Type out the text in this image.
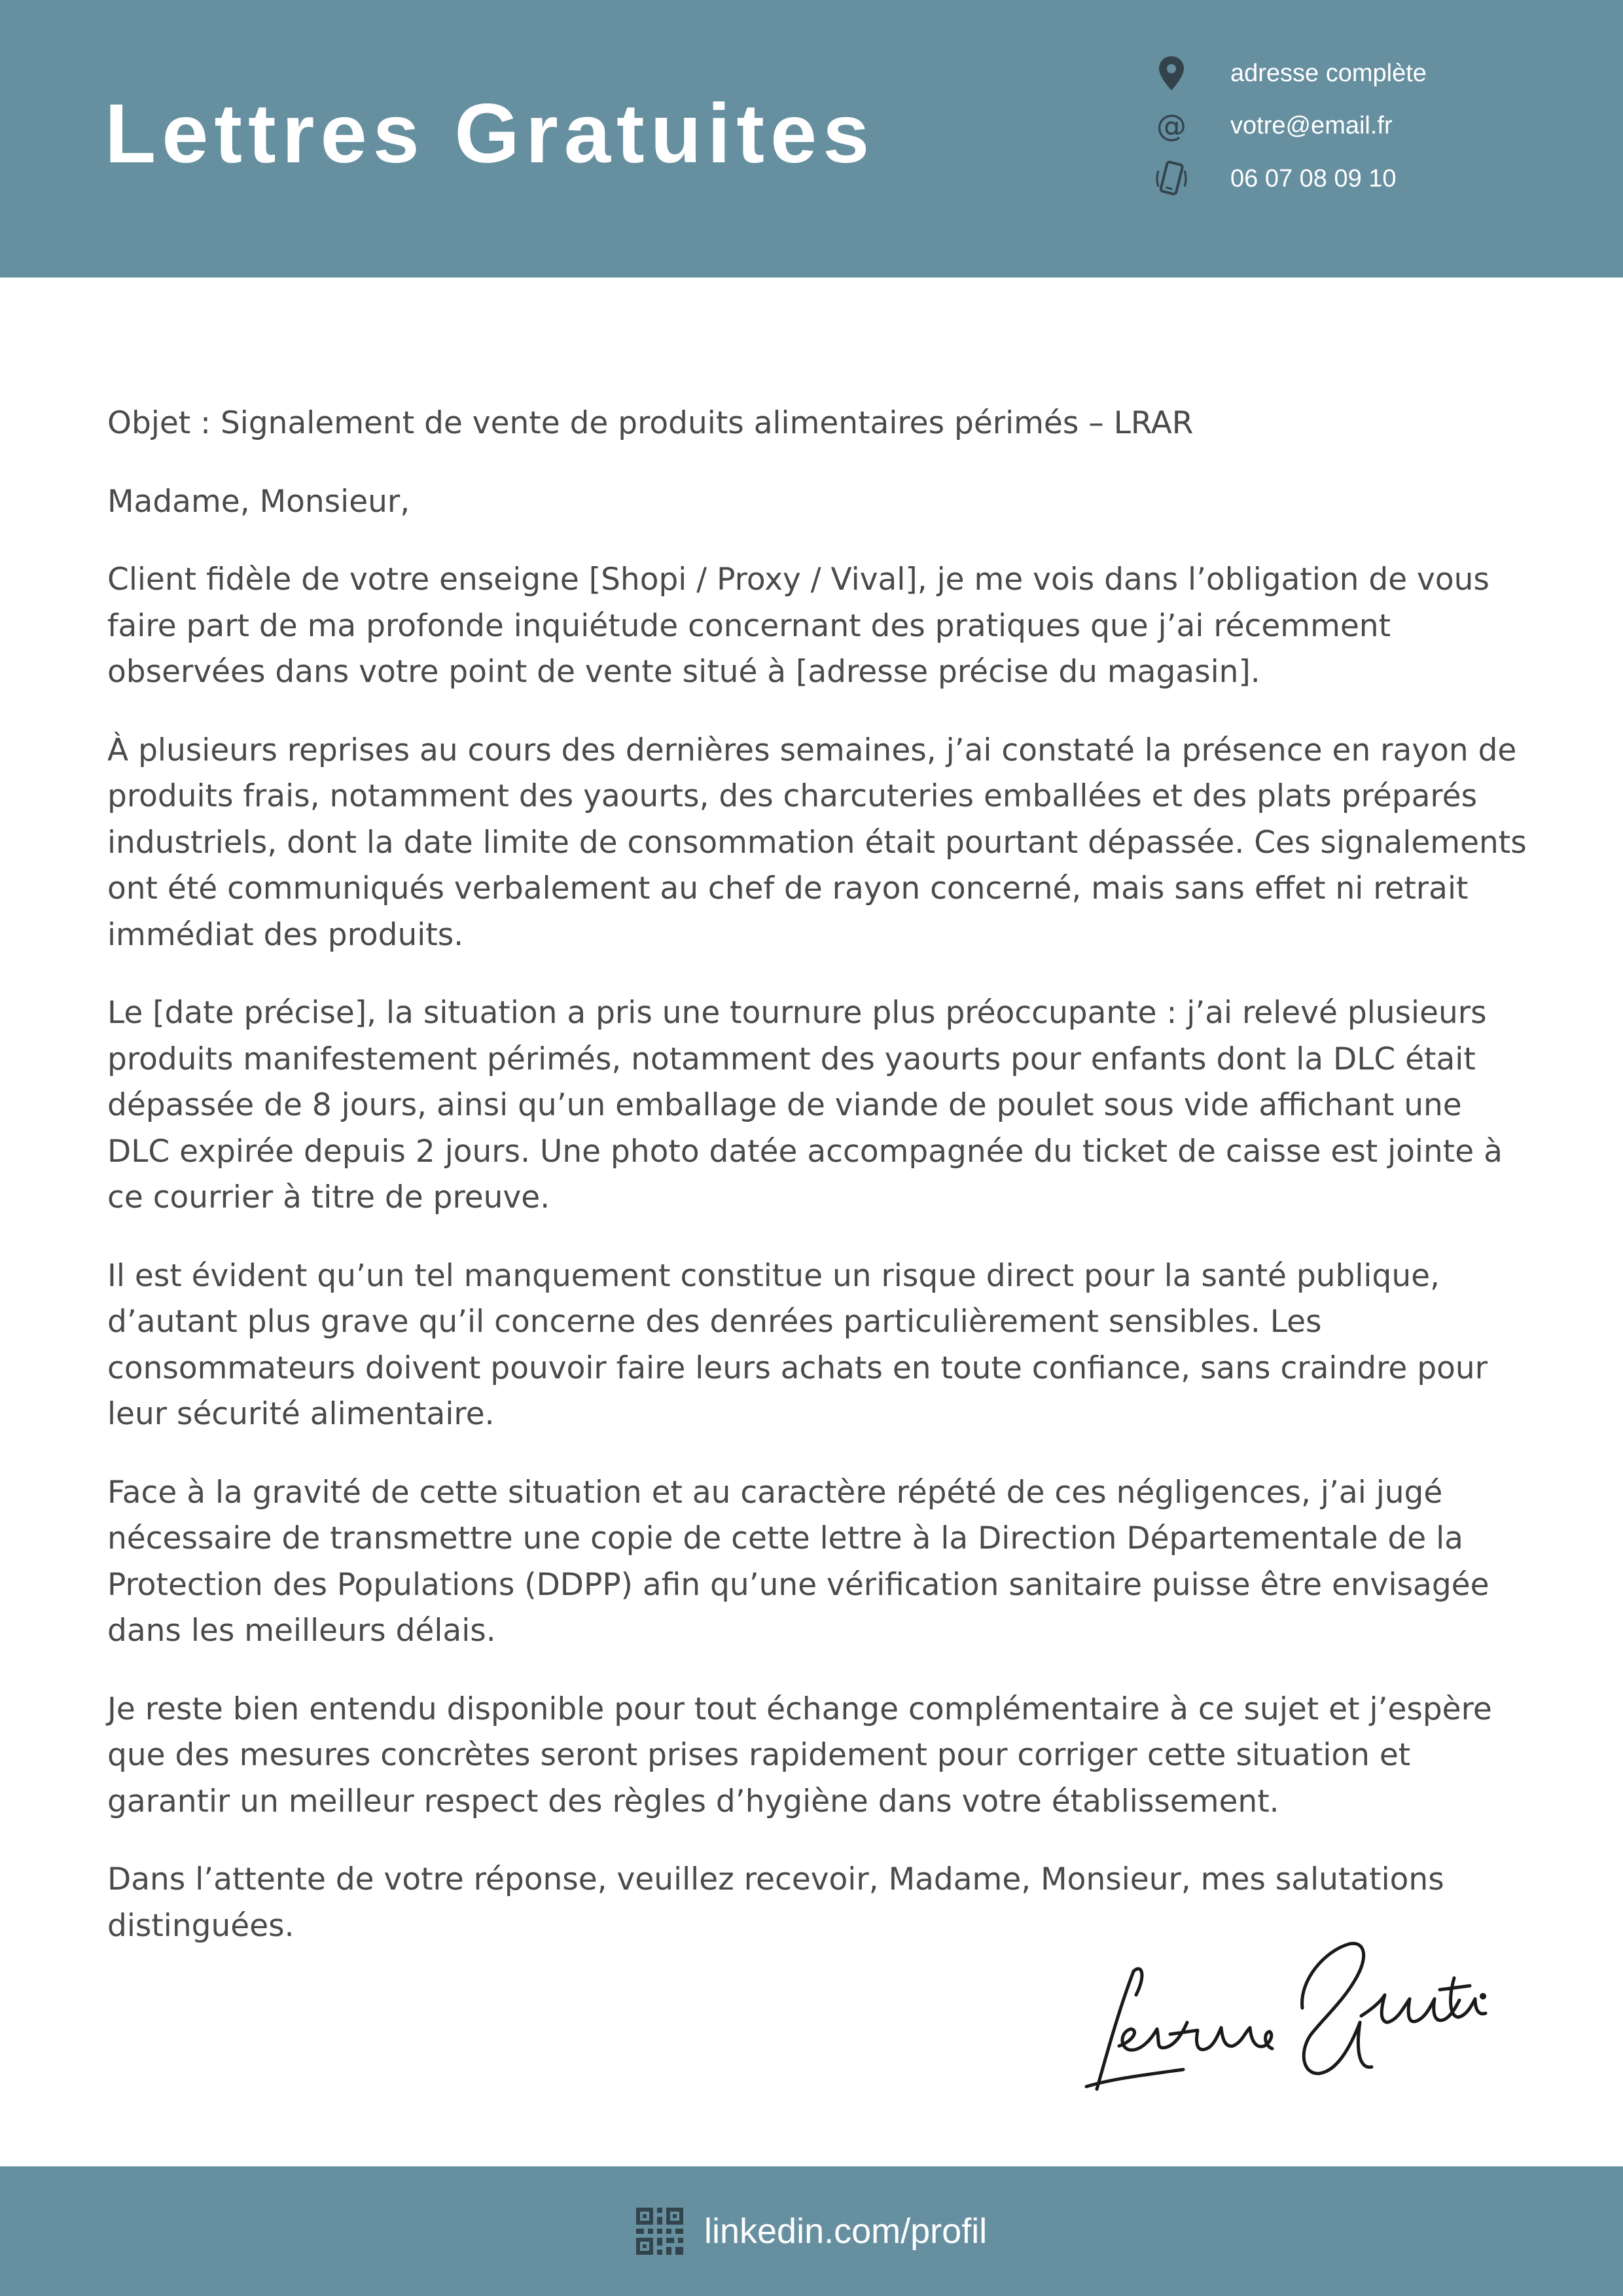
Lettres Gratuites
adresse complète
@ votre@email.fr
06 07 08 09 10

Objet : Signalement de vente de produits alimentaires périmés – LRAR

Madame, Monsieur,

Client fidèle de votre enseigne [Shopi / Proxy / Vival], je me vois dans l’obligation de vous faire part de ma profonde inquiétude concernant des pratiques que j’ai récemment observées dans votre point de vente situé à [adresse précise du magasin].

À plusieurs reprises au cours des dernières semaines, j’ai constaté la présence en rayon de produits frais, notamment des yaourts, des charcuteries emballées et des plats préparés industriels, dont la date limite de consommation était pourtant dépassée. Ces signalements ont été communiqués verbalement au chef de rayon concerné, mais sans effet ni retrait immédiat des produits.

Le [date précise], la situation a pris une tournure plus préoccupante : j’ai relevé plusieurs produits manifestement périmés, notamment des yaourts pour enfants dont la DLC était dépassée de 8 jours, ainsi qu’un emballage de viande de poulet sous vide affichant une DLC expirée depuis 2 jours. Une photo datée accompagnée du ticket de caisse est jointe à ce courrier à titre de preuve.

Il est évident qu’un tel manquement constitue un risque direct pour la santé publique, d’autant plus grave qu’il concerne des denrées particulièrement sensibles. Les consommateurs doivent pouvoir faire leurs achats en toute confiance, sans craindre pour leur sécurité alimentaire.

Face à la gravité de cette situation et au caractère répété de ces négligences, j’ai jugé nécessaire de transmettre une copie de cette lettre à la Direction Départementale de la Protection des Populations (DDPP) afin qu’une vérification sanitaire puisse être envisagée dans les meilleurs délais.

Je reste bien entendu disponible pour tout échange complémentaire à ce sujet et j’espère que des mesures concrètes seront prises rapidement pour corriger cette situation et garantir un meilleur respect des règles d’hygiène dans votre établissement.

Dans l’attente de votre réponse, veuillez recevoir, Madame, Monsieur, mes salutations distinguées.

linkedin.com/profil
